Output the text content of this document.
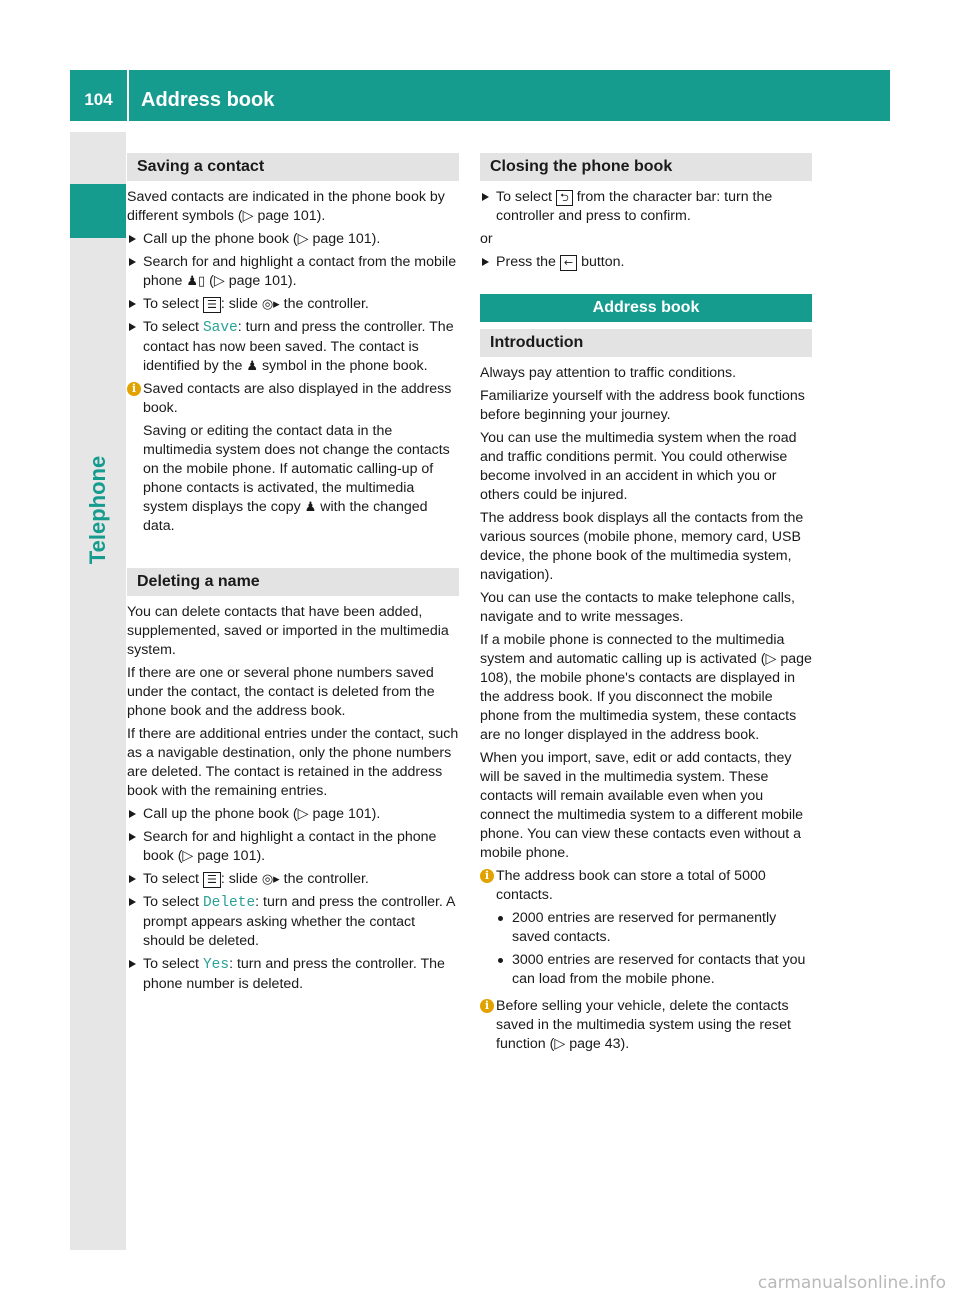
104	Address book
Telephone
Saving a contact

Saved contacts are indicated in the phone book by different symbols (▷ page 101).

Call up the phone book (▷ page 101).
Search for and highlight a contact from the mobile phone ♟▯ (▷ page 101).
To select ☰ : slide ◎▸ the controller.
To select Save: turn and press the controller. The contact has now been saved. The contact is identified by the ♟ symbol in the phone book.
i Saved contacts are also displayed in the address book.

Saving or editing the contact data in the multimedia system does not change the contacts on the mobile phone. If automatic calling-up of phone contacts is activated, the multimedia system displays the copy ♟ with the changed data.

Deleting a name

You can delete contacts that have been added, supplemented, saved or imported in the multimedia system.

If there are one or several phone numbers saved under the contact, the contact is deleted from the phone book and the address book.

If there are additional entries under the contact, such as a navigable destination, only the phone numbers are deleted. The contact is retained in the address book with the remaining entries.

Call up the phone book (▷ page 101).
Search for and highlight a contact in the phone book (▷ page 101).
To select ☰ : slide ◎▸ the controller.
To select Delete: turn and press the controller. A prompt appears asking whether the contact should be deleted.
To select Yes: turn and press the controller. The phone number is deleted.
Closing the phone book
To select ⮌ from the character bar: turn the controller and press to confirm.

or

Press the ← button.
Address book
Introduction

Always pay attention to traffic conditions.

Familiarize yourself with the address book functions before beginning your journey.

You can use the multimedia system when the road and traffic conditions permit. You could otherwise become involved in an accident in which you or others could be injured.

The address book displays all the contacts from the various sources (mobile phone, memory card, USB device, the phone book of the multimedia system, navigation).

You can use the contacts to make telephone calls, navigate and to write messages.

If a mobile phone is connected to the multimedia system and automatic calling up is activated (▷ page 108), the mobile phone's contacts are displayed in the address book. If you disconnect the mobile phone from the multimedia system, these contacts are no longer displayed in the address book.

When you import, save, edit or add contacts, they will be saved in the multimedia system. These contacts will remain available even when you connect the multimedia system to a different mobile phone. You can view these contacts even without a mobile phone.

i The address book can store a total of 5000 contacts.

2000 entries are reserved for permanently saved contacts.
3000 entries are reserved for contacts that you can load from the mobile phone.
i Before selling your vehicle, delete the contacts saved in the multimedia system using the reset function (▷ page 43).

carmanualsonline.info
